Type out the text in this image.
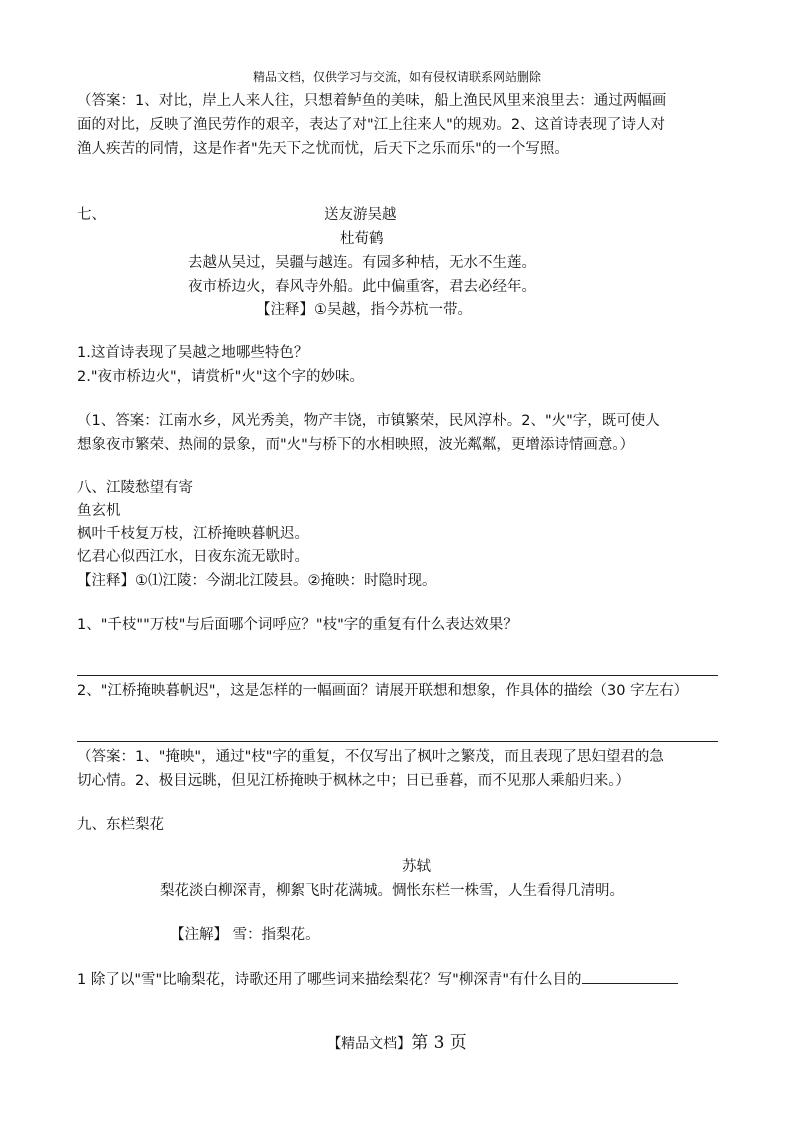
精品文档，仅供学习与交流，如有侵权请联系网站删除
（答案：1、对比，岸上人来人往，只想着鲈鱼的美味，船上渔民风里来浪里去：通过两幅画
面的对比，反映了渔民劳作的艰辛，表达了对"江上往来人"的规劝。2、这首诗表现了诗人对
渔人疾苦的同情，这是作者"先天下之忧而忧，后天下之乐而乐"的一个写照。
七、	送友游吴越
杜荀鹤
去越从吴过，吴疆与越连。有园多种桔，无水不生莲。
夜市桥边火，春风寺外船。此中偏重客，君去必经年。
【注释】①吴越，指今苏杭一带。
1.这首诗表现了吴越之地哪些特色？
2."夜市桥边火"，请赏析"火"这个字的妙味。
（1、答案：江南水乡，风光秀美，物产丰饶，市镇繁荣，民风淳朴。2、"火"字，既可使人
想象夜市繁荣、热闹的景象，而"火"与桥下的水相映照，波光粼粼，更增添诗情画意。）
八、江陵愁望有寄
鱼玄机
枫叶千枝复万枝，江桥掩映暮帆迟。
忆君心似西江水，日夜东流无歇时。
【注释】①⑴江陵：今湖北江陵县。②掩映：时隐时现。
1、"千枝""万枝"与后面哪个词呼应？"枝"字的重复有什么表达效果？
2、"江桥掩映暮帆迟"，这是怎样的一幅画面？请展开联想和想象，作具体的描绘（30 字左右）
（答案：1、"掩映"，通过"枝"字的重复，不仅写出了枫叶之繁茂，而且表现了思妇望君的急
切心情。2、极目远眺，但见江桥掩映于枫林之中；日已垂暮，而不见那人乘船归来。）
九、东栏梨花
苏轼
梨花淡白柳深青，柳絮飞时花满城。惆怅东栏一株雪，人生看得几清明。
【注解】 雪：指梨花。
1 除了以"雪"比喻梨花，诗歌还用了哪些词来描绘梨花？写"柳深青"有什么目的
【精品文档】第 3 页
